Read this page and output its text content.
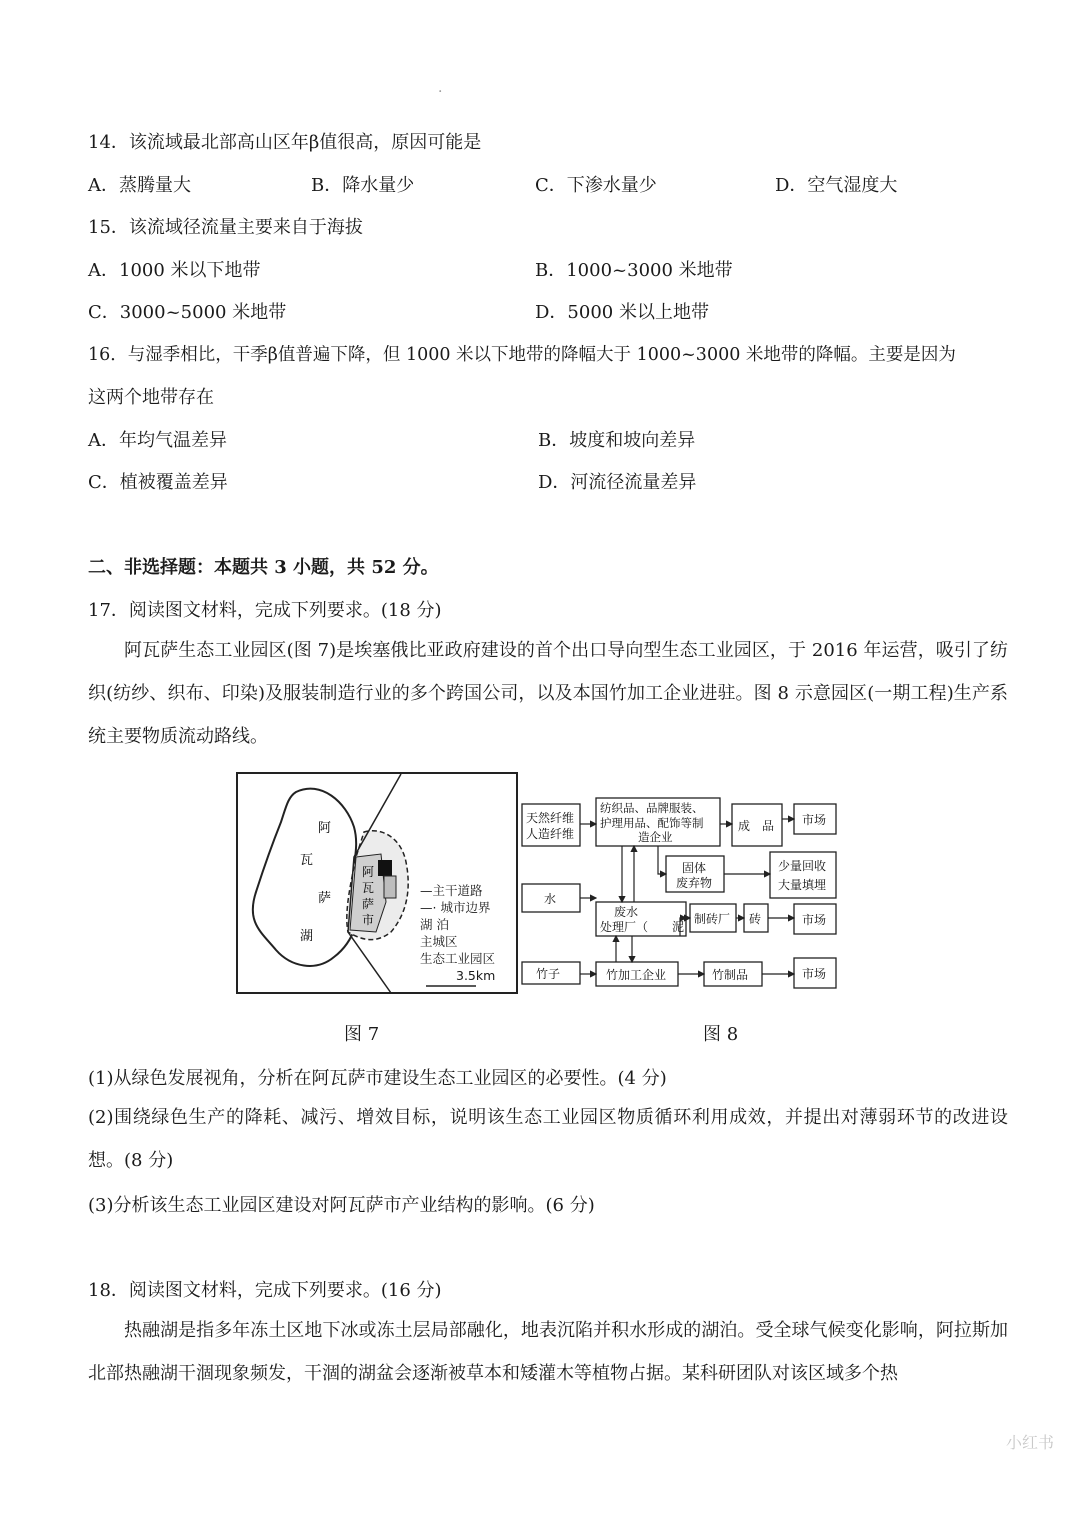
·
14．该流域最北部高山区年β值很高，原因可能是
A．蒸腾量大	B．降水量少	C．下渗水量少	D．空气湿度大
15．该流域径流量主要来自于海拔
A．1000 米以下地带	B．1000~3000 米地带
C．3000~5000 米地带	D．5000 米以上地带
16．与湿季相比，干季β值普遍下降，但 1000 米以下地带的降幅大于 1000~3000 米地带的降幅。主要是因为
这两个地带存在
A．年均气温差异	B．坡度和坡向差异
C．植被覆盖差异	D．河流径流量差异
二、非选择题：本题共 3 小题，共 52 分。
17．阅读图文材料，完成下列要求。(18 分)
阿瓦萨生态工业园区(图 7)是埃塞俄比亚政府建设的首个出口导向型生态工业园区，于 2016 年运营，吸引了纺织(纺纱、织布、印染)及服装制造行业的多个跨国公司，以及本国竹加工企业进驻。图 8 示意园区(一期工程)生产系统主要物质流动路线。
阿
瓦
萨
湖
阿
瓦
萨
市
—主干道路
—· 城市边界
湖 泊
主城区
生态工业园区
3.5km
天然纤维
人造纤维
纺织品、品牌服装、
护理用品、配饰等制
造企业
成　品 市场
固体
废弃物
少量回收
大量填埋
水
废水
处理厂（　　泥
制砖厂 砖	市场
竹子	竹加工企业	竹制品	市场
图 7	图 8
(1)从绿色发展视角，分析在阿瓦萨市建设生态工业园区的必要性。(4 分)
(2)围绕绿色生产的降耗、减污、增效目标，说明该生态工业园区物质循环利用成效，并提出对薄弱环节的改进设想。(8 分)
(3)分析该生态工业园区建设对阿瓦萨市产业结构的影响。(6 分)
18．阅读图文材料，完成下列要求。(16 分)
热融湖是指多年冻土区地下冰或冻土层局部融化，地表沉陷并积水形成的湖泊。受全球气候变化影响，阿拉斯加北部热融湖干涸现象频发，干涸的湖盆会逐渐被草本和矮灌木等植物占据。某科研团队对该区域多个热
小红书
